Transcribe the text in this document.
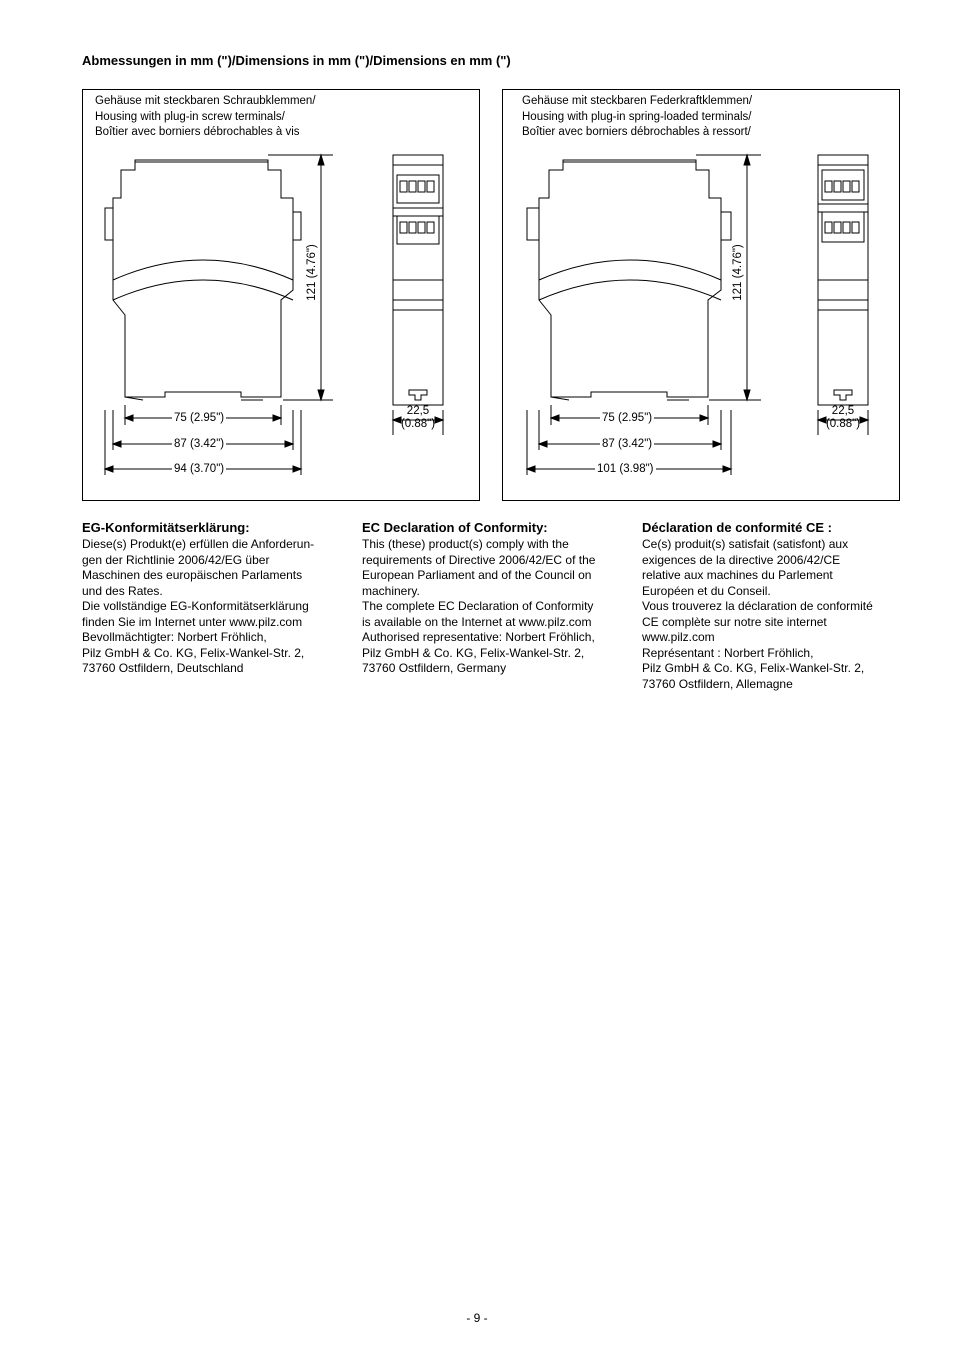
Abmessungen in mm (")/Dimensions in mm (")/Dimensions en mm (")
Gehäuse mit steckbaren Schraubklemmen/
Housing with plug-in screw terminals/
Boîtier avec borniers débrochables à vis
121 (4.76")
75 (2.95")
87 (3.42")
94 (3.70")
22,5
(0.88")
Gehäuse mit steckbaren Federkraftklemmen/
Housing with plug-in spring-loaded terminals/
Boîtier avec borniers débrochables à ressort/
121 (4.76")
75 (2.95")
87 (3.42")
101 (3.98")
22,5
(0.88")
EG-Konformitätserklärung:

Diese(s) Produkt(e) erfüllen die Anforderun-
gen der Richtlinie 2006/42/EG über
Maschinen des europäischen Parlaments
und des Rates.
Die vollständige EG-Konformitätserklärung
finden Sie im Internet unter www.pilz.com
Bevollmächtigter: Norbert Fröhlich,
Pilz GmbH & Co. KG, Felix-Wankel-Str. 2,
73760 Ostfildern, Deutschland

EC Declaration of Conformity:

This (these) product(s) comply with the
requirements of Directive 2006/42/EC of the
European Parliament and of the Council on
machinery.
The complete EC Declaration of Conformity
is available on the Internet at www.pilz.com
Authorised representative: Norbert Fröhlich,
Pilz GmbH & Co. KG, Felix-Wankel-Str. 2,
73760 Ostfildern, Germany

Déclaration de conformité CE :

Ce(s) produit(s) satisfait (satisfont) aux
exigences de la directive 2006/42/CE
relative aux machines du Parlement
Européen et du Conseil.
Vous trouverez la déclaration de conformité
CE complète sur notre site internet
www.pilz.com
Représentant : Norbert Fröhlich,
Pilz GmbH & Co. KG, Felix-Wankel-Str. 2,
73760 Ostfildern, Allemagne

- 9 -
